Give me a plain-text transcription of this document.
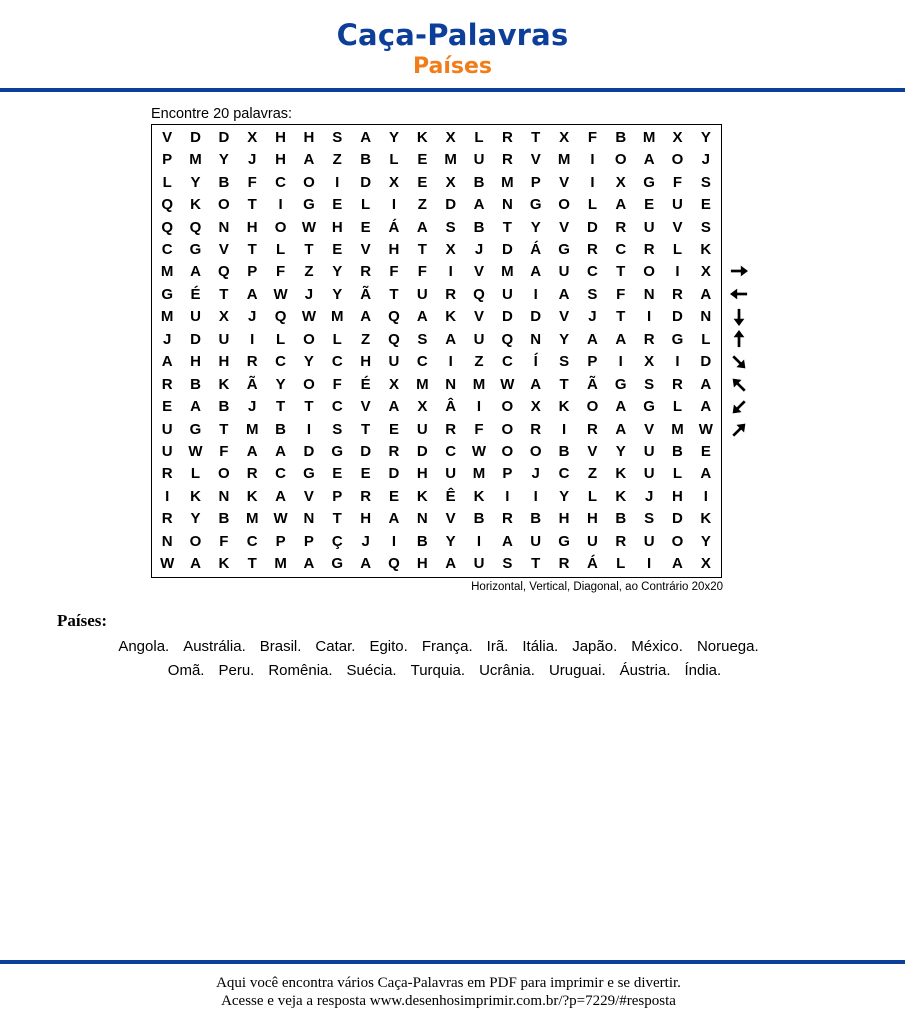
Caça-Palavras
Países
Encontre 20 palavras:
V	D	D	X	H	H	S	A	Y	K	X	L	R	T	X	F	B	M	X	Y
P	M	Y	J	H	A	Z	B	L	E	M	U	R	V	M	I	O	A	O	J
L	Y	B	F	C	O	I	D	X	E	X	B	M	P	V	I	X	G	F	S
Q	K	O	T	I	G	E	L	I	Z	D	A	N	G	O	L	A	E	U	E
Q	Q	N	H	O	W	H	E	Á	A	S	B	T	Y	V	D	R	U	V	S
C	G	V	T	L	T	E	V	H	T	X	J	D	Á	G	R	C	R	L	K
M	A	Q	P	F	Z	Y	R	F	F	I	V	M	A	U	C	T	O	I	X
G	É	T	A	W	J	Y	Ã	T	U	R	Q	U	I	A	S	F	N	R	A
M	U	X	J	Q	W	M	A	Q	A	K	V	D	D	V	J	T	I	D	N
J	D	U	I	L	O	L	Z	Q	S	A	U	Q	N	Y	A	A	R	G	L
A	H	H	R	C	Y	C	H	U	C	I	Z	C	Í	S	P	I	X	I	D
R	B	K	Ã	Y	O	F	É	X	M	N	M	W	A	T	Ã	G	S	R	A
E	A	B	J	T	T	C	V	A	X	Â	I	O	X	K	O	A	G	L	A
U	G	T	M	B	I	S	T	E	U	R	F	O	R	I	R	A	V	M	W
U	W	F	A	A	D	G	D	R	D	C	W	O	O	B	V	Y	U	B	E
R	L	O	R	C	G	E	E	D	H	U	M	P	J	C	Z	K	U	L	A
I	K	N	K	A	V	P	R	E	K	Ê	K	I	I	Y	L	K	J	H	I
R	Y	B	M	W	N	T	H	A	N	V	B	R	B	H	H	B	S	D	K
N	O	F	C	P	P	Ç	J	I	B	Y	I	A	U	G	U	R	U	O	Y
W	A	K	T	M	A	G	A	Q	H	A	U	S	T	R	Á	L	I	A	X
Horizontal, Vertical, Diagonal, ao Contrário 20x20
Países:
Angola. Austrália. Brasil. Catar. Egito. França. Irã. Itália. Japão. México. Noruega.
Omã. Peru. Romênia. Suécia. Turquia. Ucrânia. Uruguai. Áustria. Índia.
Aqui você encontra vários Caça-Palavras em PDF para imprimir e se divertir.
Acesse e veja a resposta www.desenhosimprimir.com.br/?p=7229/#resposta
